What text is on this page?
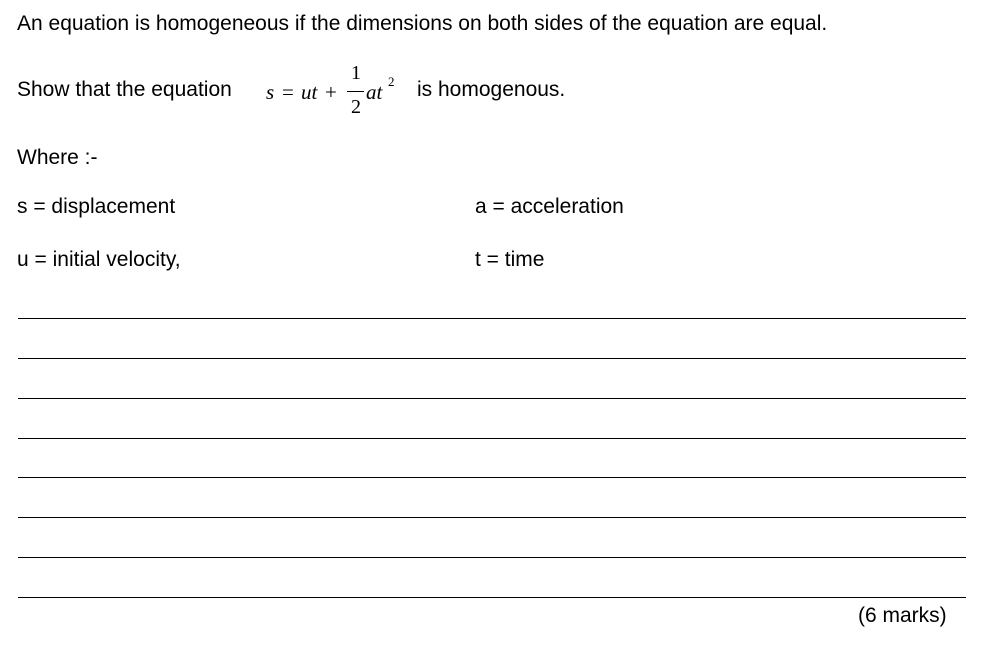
An equation is homogeneous if the dimensions on both sides of the equation are equal.
Show that the equation s = ut +
1
2
at 2 is homogenous.
Where :-
s = displacement	a = acceleration
u = initial velocity,	t = time
(6 marks)
